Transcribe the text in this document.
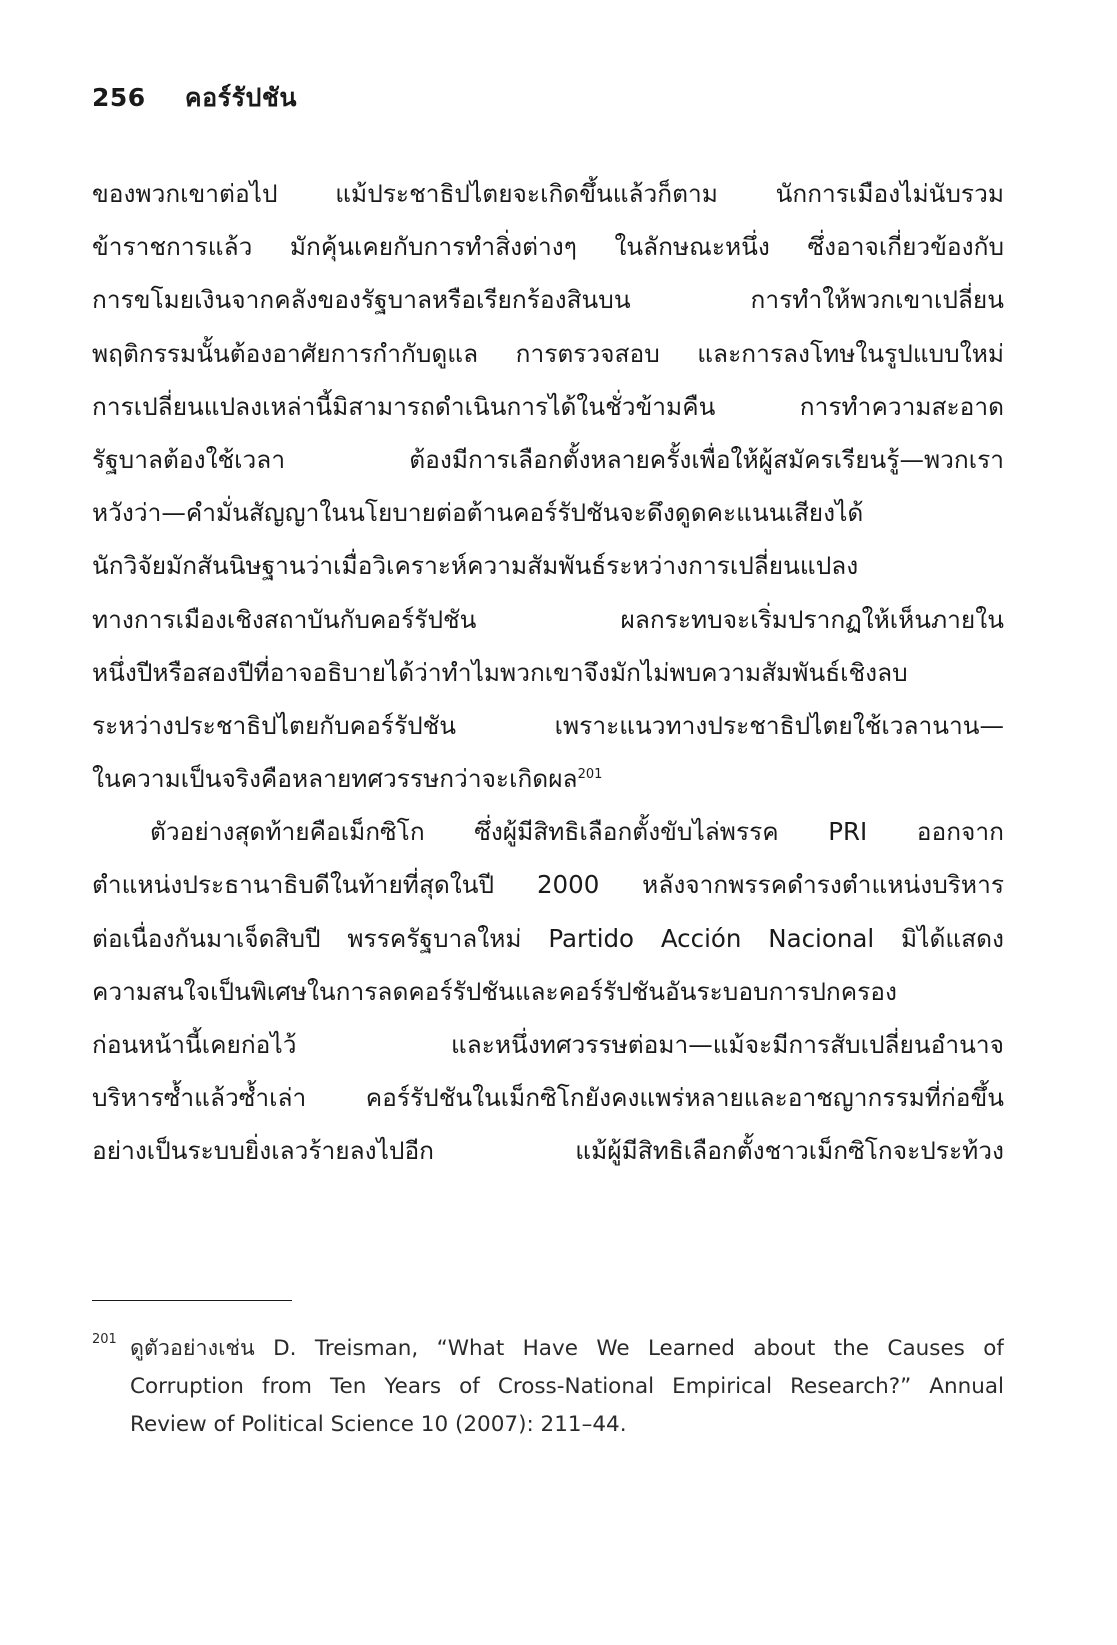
256 คอร์รัปชัน
ของพวกเขาต่อไป แม้ประชาธิปไตยจะเกิดขึ้นแล้วก็ตาม นักการเมืองไม่นับรวม
ข้าราชการแล้ว มักคุ้นเคยกับการทำสิ่งต่างๆ ในลักษณะหนึ่ง ซึ่งอาจเกี่ยวข้องกับ
การขโมยเงินจากคลังของรัฐบาลหรือเรียกร้องสินบน การทำให้พวกเขาเปลี่ยน
พฤติกรรมนั้นต้องอาศัยการกำกับดูแล การตรวจสอบ และการลงโทษในรูปแบบใหม่
การเปลี่ยนแปลงเหล่านี้มิสามารถดำเนินการได้ในชั่วข้ามคืน การทำความสะอาด
รัฐบาลต้องใช้เวลา ต้องมีการเลือกตั้งหลายครั้งเพื่อให้ผู้สมัครเรียนรู้—พวกเรา
หวังว่า—คำมั่นสัญญาในนโยบายต่อต้านคอร์รัปชันจะดึงดูดคะแนนเสียงได้
นักวิจัยมักสันนิษฐานว่าเมื่อวิเคราะห์ความสัมพันธ์ระหว่างการเปลี่ยนแปลง
ทางการเมืองเชิงสถาบันกับคอร์รัปชัน ผลกระทบจะเริ่มปรากฏให้เห็นภายใน
หนึ่งปีหรือสองปีที่อาจอธิบายได้ว่าทำไมพวกเขาจึงมักไม่พบความสัมพันธ์เชิงลบ
ระหว่างประชาธิปไตยกับคอร์รัปชัน เพราะแนวทางประชาธิปไตยใช้เวลานาน—
ในความเป็นจริงคือหลายทศวรรษกว่าจะเกิดผล$^{201}$
ตัวอย่างสุดท้ายคือเม็กซิโก ซึ่งผู้มีสิทธิเลือกตั้งขับไล่พรรค PRI ออกจาก
ตำแหน่งประธานาธิบดีในท้ายที่สุดในปี 2000 หลังจากพรรคดำรงตำแหน่งบริหาร
ต่อเนื่องกันมาเจ็ดสิบปี พรรครัฐบาลใหม่ Partido Acción Nacional มิได้แสดง
ความสนใจเป็นพิเศษในการลดคอร์รัปชันและคอร์รัปชันอันระบอบการปกครอง
ก่อนหน้านี้เคยก่อไว้ และหนึ่งทศวรรษต่อมา—แม้จะมีการสับเปลี่ยนอำนาจ
บริหารซ้ำแล้วซ้ำเล่า คอร์รัปชันในเม็กซิโกยังคงแพร่หลายและอาชญากรรมที่ก่อขึ้น
อย่างเป็นระบบยิ่งเลวร้ายลงไปอีก แม้ผู้มีสิทธิเลือกตั้งชาวเม็กซิโกจะประท้วง
201 ดูตัวอย่างเช่น D. Treisman, “What Have We Learned about the Causes of
Corruption from Ten Years of Cross-National Empirical Research?” Annual
Review of Political Science 10 (2007): 211–44.
